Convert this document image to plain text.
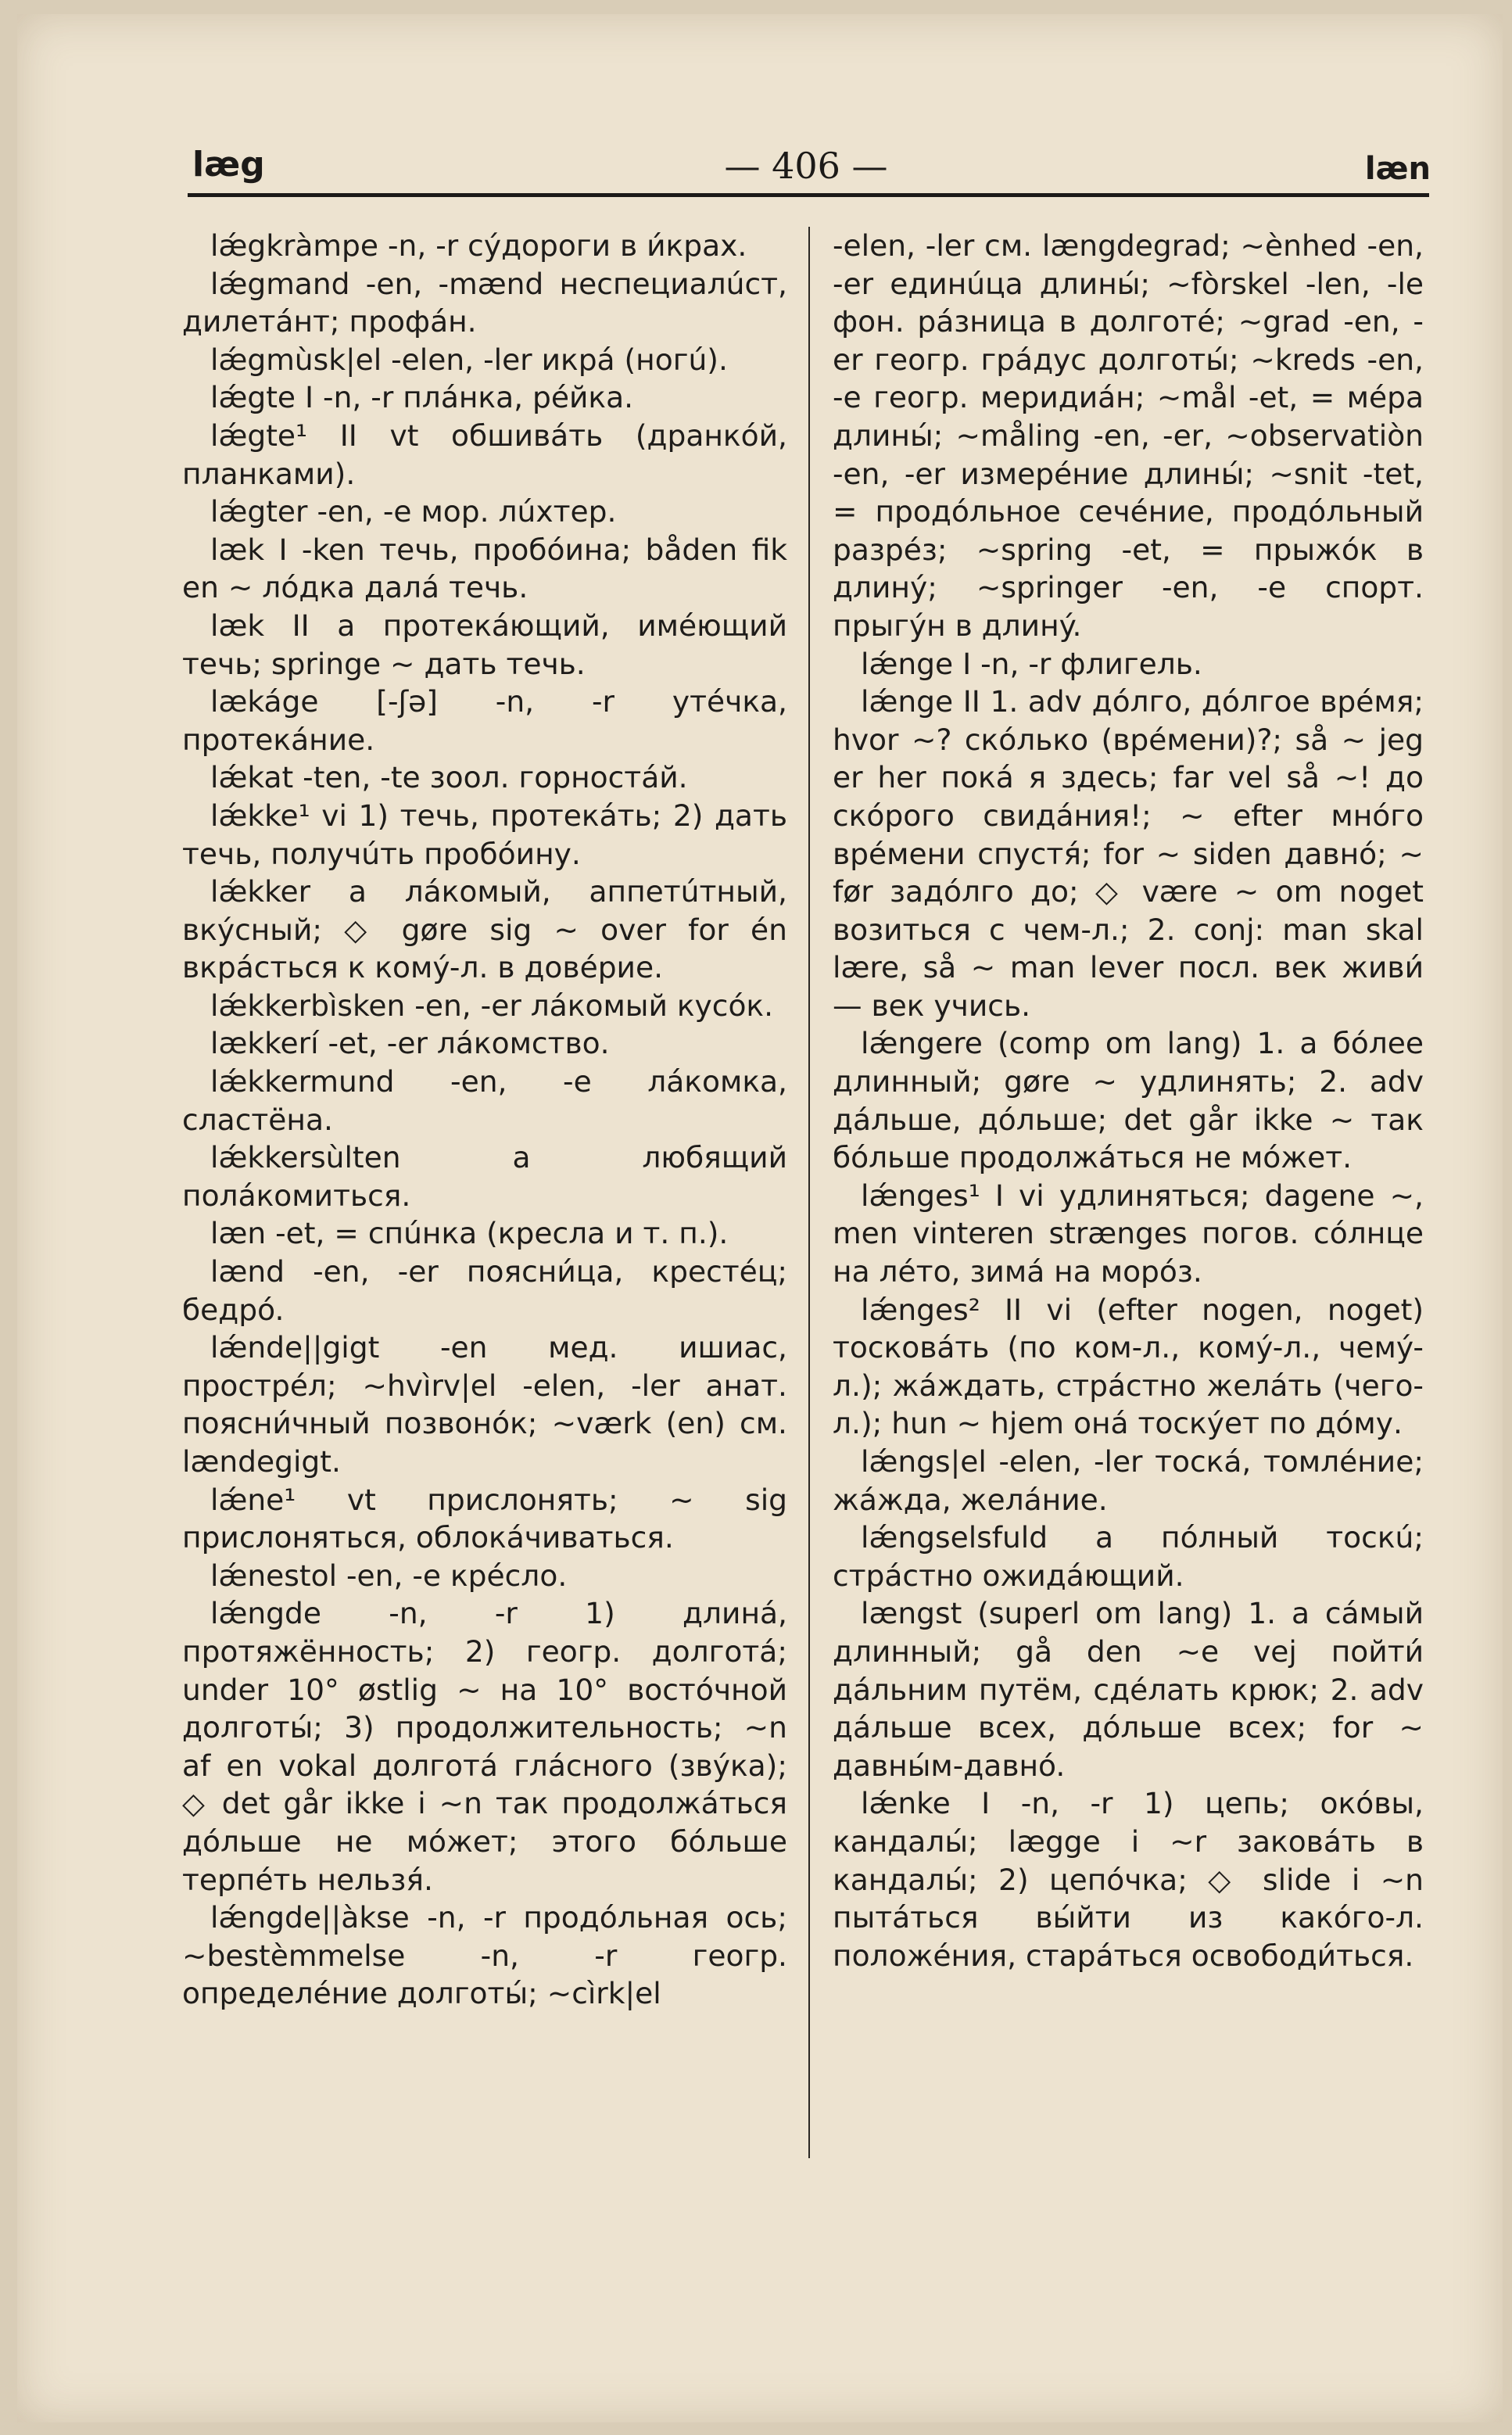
læg	— 406 —	læn

lǽgkràmpe -n, -r сýдороги в и́крах.

lǽgmand -en, -mænd неспециалúст, дилетáнт; профáн.

lǽgmùsk|el -elen, -ler икрá (ногú).

lǽgte I -n, -r плáнка, рéйка.

lǽgte¹ II vt обшивáть (дранкóй, планками).

lǽgter -en, -e мор. лúхтер.

læk I -ken течь, пробóина; båden fik en ~ лóдка далá течь.

læk II a протекáющий, имéющий течь; springe ~ дать течь.

lækáge [-ʃə] -n, -r утéчка, протекáние.

lǽkat -ten, -te зоол. горностáй.

lǽkke¹ vi 1) течь, протекáть; 2) дать течь, получúть пробóину.

lǽkker a лáкомый, аппетúтный, вкýсный; ◇ gøre sig ~ over for én вкрáсться к комý-л. в довéрие.

lǽkkerbìsken -en, -er лáкомый кусóк.

lækkerí -et, -er лáкомство.

lǽkkermund -en, -e лáкомка, сластёна.

lǽkkersùlten a любящий полáкомиться.

læn -et, = спúнка (кресла и т. п.).

lænd -en, -er поясни́ца, крестéц; бедрó.

lǽnde||gigt -en мед. ишиас, прострéл; ~hvìrv|el -elen, -ler анат. поясни́чный позвонóк; ~værk (en) см. lændegigt.

lǽne¹ vt прислонять; ~ sig прислоняться, облокáчиваться.

lǽnestol -en, -e крéсло.

lǽngde -n, -r 1) длинá, протяжённость; 2) геогр. долготá; under 10° østlig ~ на 10° востóчной долготы́; 3) продолжительность; ~n af en vokal долготá глáсного (звýка); ◇ det går ikke i ~n так продолжáться дóльше не мóжет; этого бóльше терпéть нельзя́.

lǽngde||àkse -n, -r продóльная ось; ~bestèmmelse -n, -r геогр. определéние долготы́; ~cìrk|el

-elen, -ler см. længdegrad; ~ènhed -en, -er единúца длины́; ~fòrskel -len, -le фон. рáзница в долготé; ~grad -en, -er геогр. грáдус долготы́; ~kreds -en, -e геогр. меридиáн; ~mål -et, = мéра длины́; ~måling -en, -er, ~observatiòn -en, -er измерéние длины́; ~snit -tet, = продóльное сечéние, продóльный разрéз; ~spring -et, = прыжóк в длинý; ~springer -en, -e спорт. прыгýн в длинý.

lǽnge I -n, -r флигель.

lǽnge II 1. adv дóлго, дóлгое врéмя; hvor ~? скóлько (врéмени)?; så ~ jeg er her покá я здесь; far vel så ~! до скóрого свидáния!; ~ efter мнóго врéмени спустя́; for ~ siden давнó; ~ før задóлго до; ◇ være ~ om noget возиться с чем-л.; 2. conj: man skal lære, så ~ man lever посл. век живи́ — век учись.

lǽngere (comp om lang) 1. a бóлее длинный; gøre ~ удлинять; 2. adv дáльше, дóльше; det går ikke ~ так бóльше продолжáться не мóжет.

lǽnges¹ I vi удлиняться; dagene ~, men vinteren strænges погов. сóлнце на лéто, зимá на морóз.

lǽnges² II vi (efter nogen, noget) тосковáть (по ком-л., комý-л., чемý-л.); жáждать, стрáстно желáть (чего-л.); hun ~ hjem онá тоскýет по дóму.

lǽngs|el -elen, -ler тоскá, томлéние; жáжда, желáние.

lǽngselsfuld a пóлный тоскú; стрáстно ожидáющий.

længst (superl om lang) 1. a сáмый длинный; gå den ~e vej пойти́ дáльним путём, сдéлать крюк; 2. adv дáльше всех, дóльше всех; for ~ давны́м-давнó.

lǽnke I -n, -r 1) цепь; окóвы, кандалы́; lægge i ~r заковáть в кандалы́; 2) цепóчка; ◇ slide i ~n пытáться вы́йти из какóго-л. положéния, старáться освободи́ться.
